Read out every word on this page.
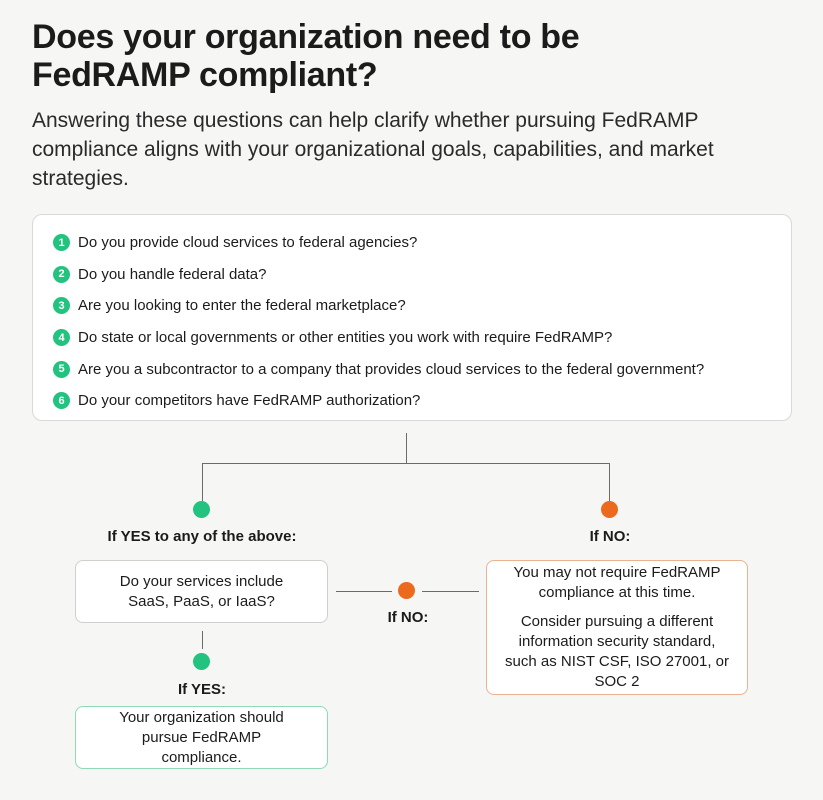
Does your organization need to be FedRAMP compliant?
Answering these questions can help clarify whether pursuing FedRAMP compliance aligns with your organizational goals, capabilities, and market strategies.
1 Do you provide cloud services to federal agencies?
2 Do you handle federal data?
3 Are you looking to enter the federal marketplace?
4 Do state or local governments or other entities you work with require FedRAMP?
5 Are you a subcontractor to a company that provides cloud services to the federal government?
6 Do your competitors have FedRAMP authorization?
If YES to any of the above:	If NO:
If NO:
If YES:

Do your services include SaaS, PaaS, or IaaS?

You may not require FedRAMP compliance at this time.

Consider pursuing a different information security standard, such as NIST CSF, ISO 27001, or SOC 2

Your organization should pursue FedRAMP compliance.
